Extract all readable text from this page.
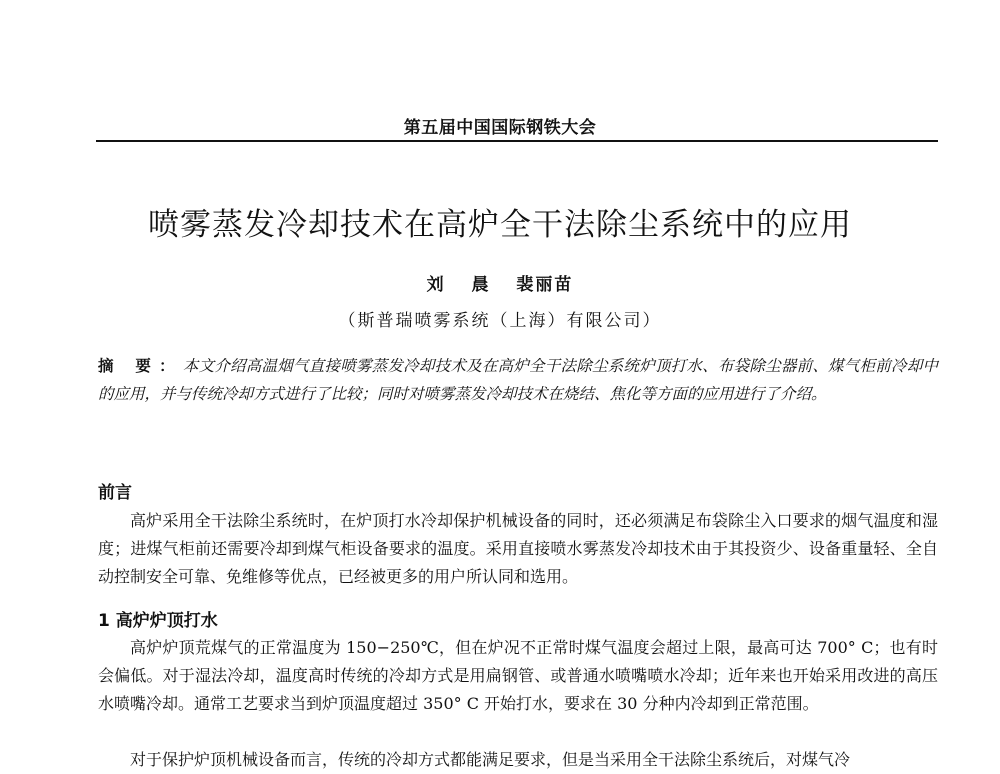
第五届中国国际钢铁大会
喷雾蒸发冷却技术在高炉全干法除尘系统中的应用
刘 晨 裴丽苗
（斯普瑞喷雾系统（上海）有限公司）
摘 要：本文介绍高温烟气直接喷雾蒸发冷却技术及在高炉全干法除尘系统炉顶打水、布袋除尘器前、煤气柜前冷却中的应用，并与传统冷却方式进行了比较；同时对喷雾蒸发冷却技术在烧结、焦化等方面的应用进行了介绍。
前言
高炉采用全干法除尘系统时，在炉顶打水冷却保护机械设备的同时，还必须满足布袋除尘入口要求的烟气温度和湿度；进煤气柜前还需要冷却到煤气柜设备要求的温度。采用直接喷水雾蒸发冷却技术由于其投资少、设备重量轻、全自动控制安全可靠、免维修等优点，已经被更多的用户所认同和选用。
1 高炉炉顶打水
高炉炉顶荒煤气的正常温度为 150−250℃，但在炉况不正常时煤气温度会超过上限，最高可达 700° C；也有时会偏低。对于湿法冷却，温度高时传统的冷却方式是用扁钢管、或普通水喷嘴喷水冷却；近年来也开始采用改进的高压水喷嘴冷却。通常工艺要求当到炉顶温度超过 350° C 开始打水，要求在 30 分种内冷却到正常范围。
对于保护炉顶机械设备而言，传统的冷却方式都能满足要求，但是当采用全干法除尘系统后，对煤气冷
